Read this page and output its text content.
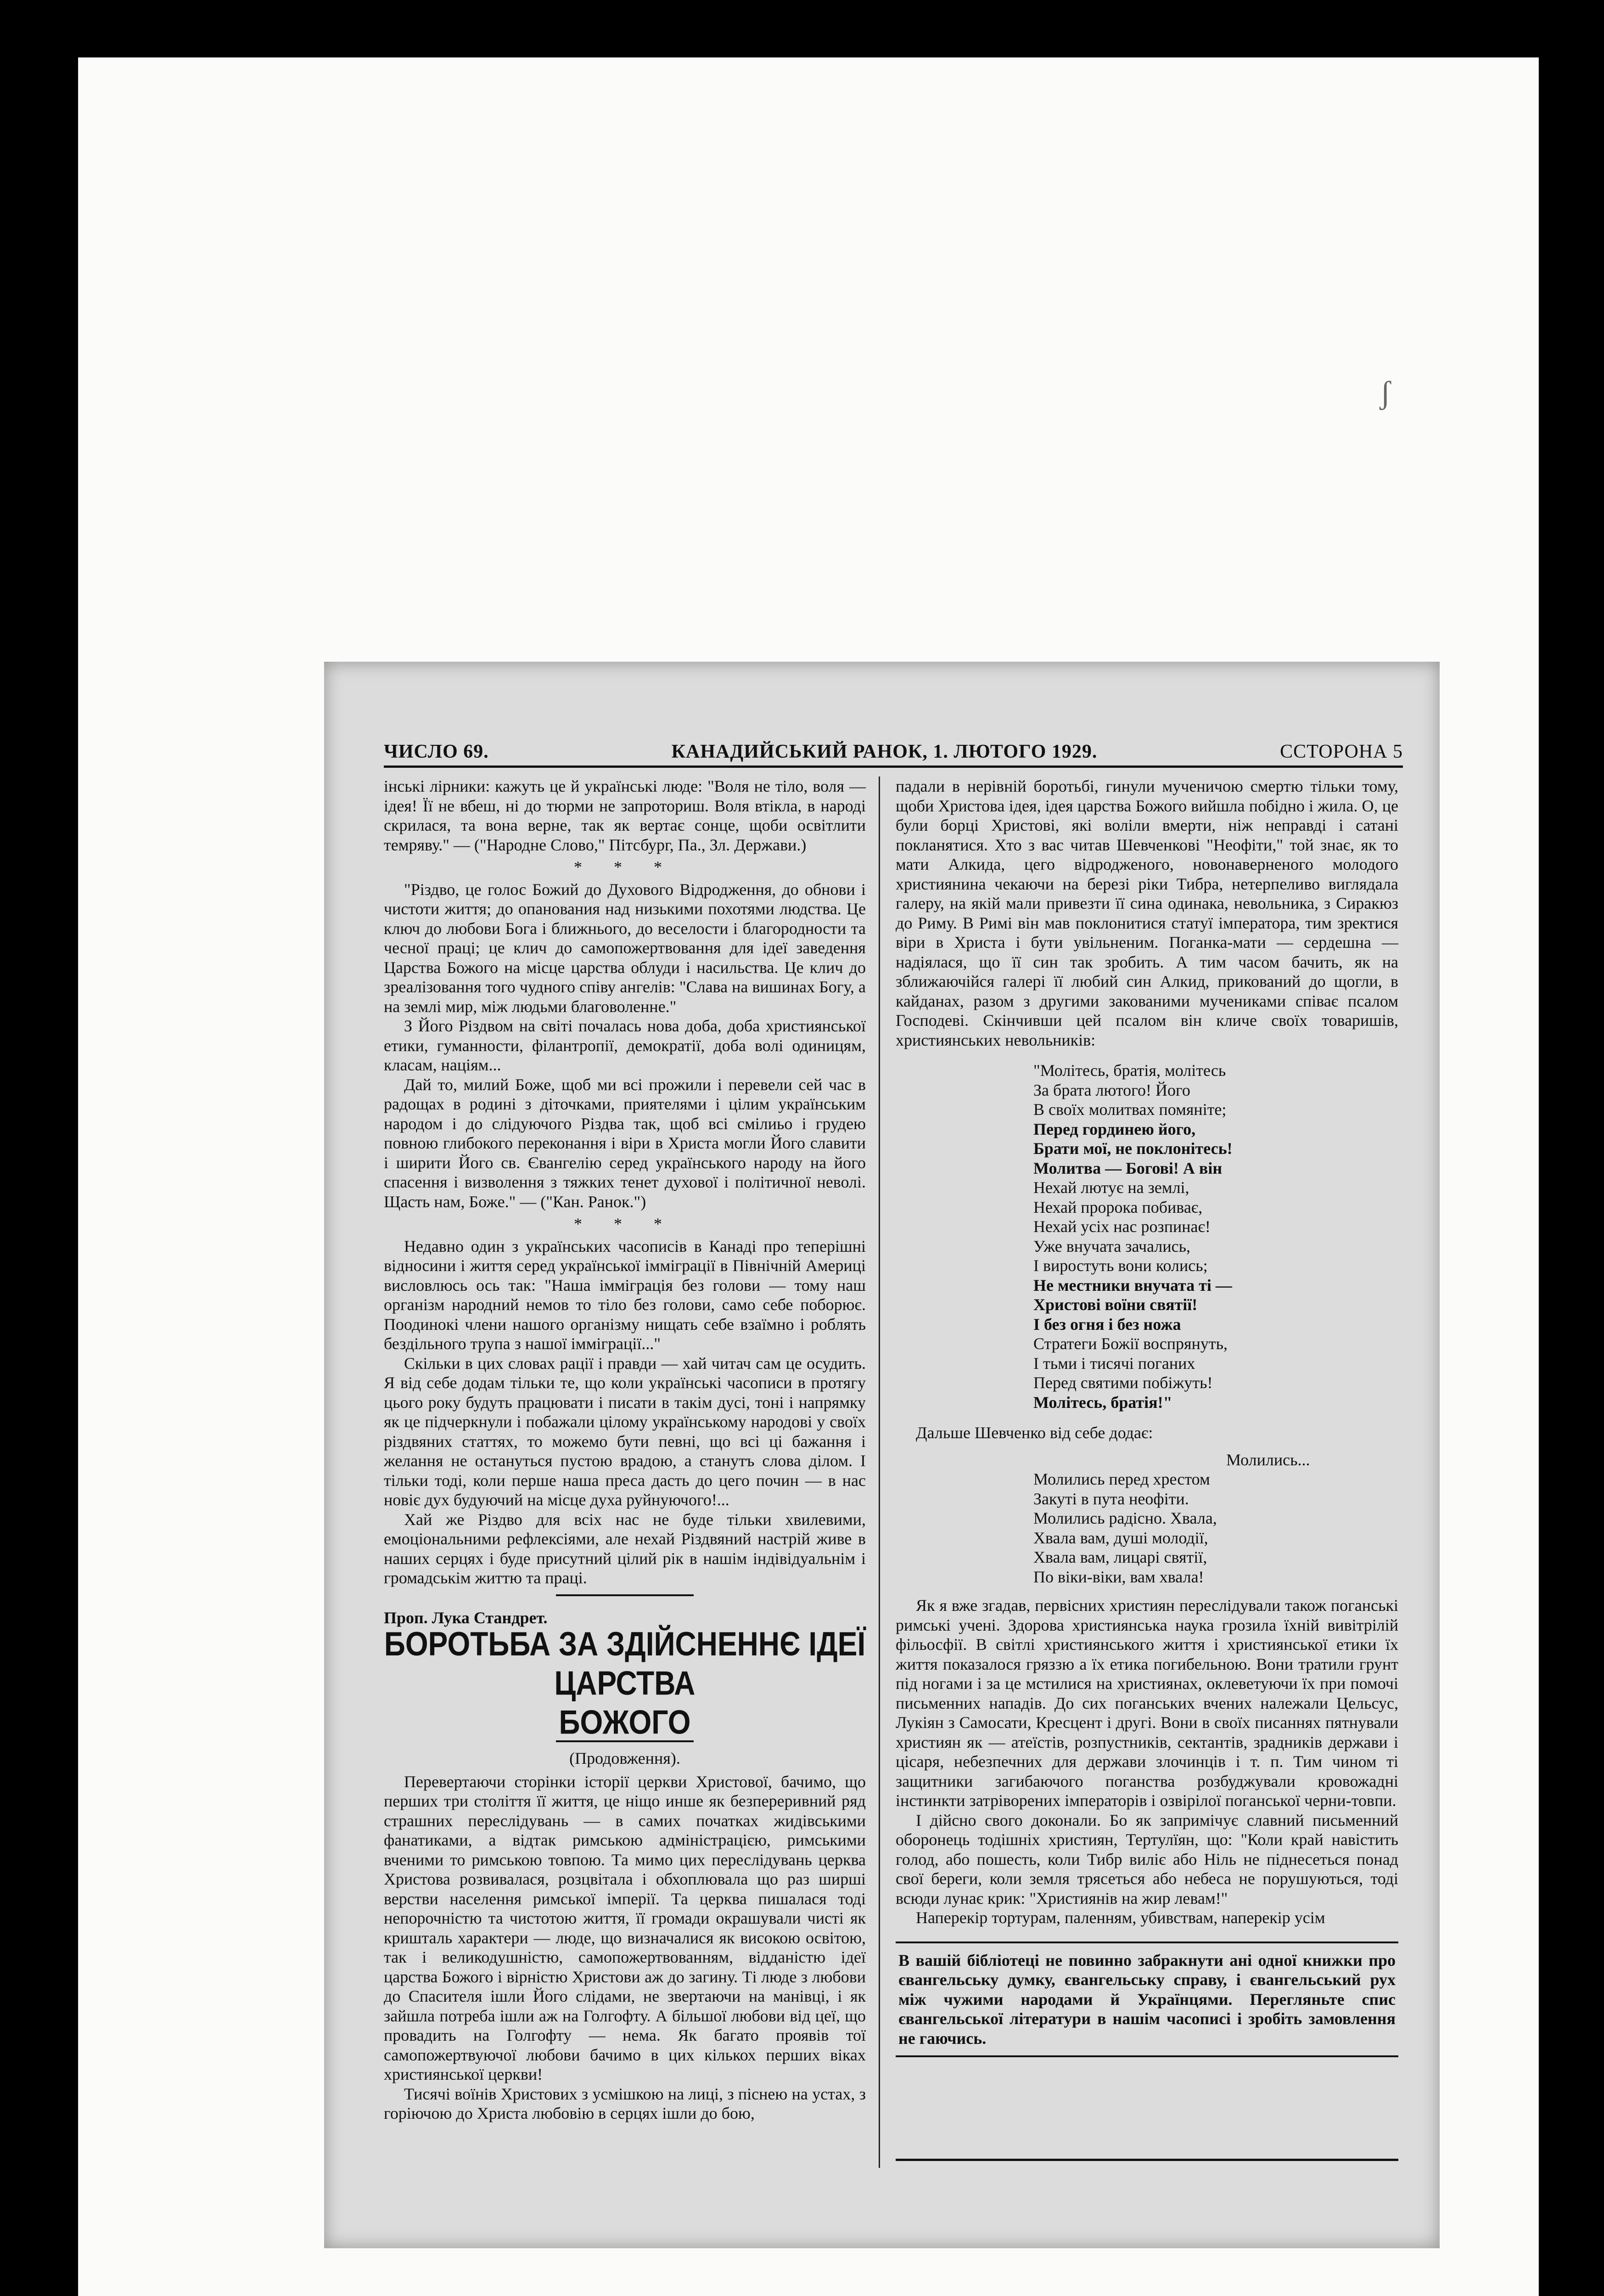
ʃ
ЧИСЛО 69.	КАНАДИЙСЬКИЙ РАНОК, 1. ЛЮТОГО 1929.	ССТОРОНА 5

інські лірники: кажуть це й українські люде: "Воля не тіло, воля — ідея! Її не вбеш, ні до тюрми не запроториш. Воля втікла, в народі скрилася, та вона верне, так як вертає сонце, щоби освітлити темряву." — ("Народне Слово," Пітсбург, Па., Зл. Держави.)

* * *

"Різдво, це голос Божий до Духового Відродження, до обнови і чистоти життя; до опанования над низькими похотями людства. Це ключ до любови Бога і ближнього, до веселости і благородности та чесної праці; це клич до самопожертвовання для ідеї заведення Царства Божого на місце царства облуди і насильства. Це клич до зреалізовання того чудного співу ангелів: "Слава на вишинах Богу, а на землі мир, між людьми благоволенне."

З Його Різдвом на світі почалась нова доба, доба християнської етики, гуманности, філантропії, демократії, доба волі одиницям, класам, націям...

Дай то, милий Боже, щоб ми всі прожили і перевели сей час в радощах в родині з діточками, приятелями і цілим українським народом і до слідуючого Різдва так, щоб всі смілиьо і грудею повною глибокого переконання і віри в Христа могли Його славити і ширити Його св. Євангелію серед українського народу на його спасення і визволення з тяжких тенет духової і політичної неволі. Щасть нам, Боже." — ("Кан. Ранок.")

* * *

Недавно один з українських часописів в Канаді про теперішні відносини і життя серед української імміграції в Північній Америці висловлюсь ось так: "Наша імміграція без голови — тому наш організм народний немов то тіло без голови, само себе поборює. Поодинокі члени нашого організму нищать себе взаїмно і роблять бездільного трупа з нашої імміграції..."

Скільки в цих словах рації і правди — хай читач сам це осудить. Я від себе додам тільки те, що коли українські часописи в протягу цього року будуть працювати і писати в такім дусі, тоні і напрямку як це підчеркнули і побажали цілому українському народові у своїх різдвяних статтях, то можемо бути певні, що всі ці бажання і желання не остануться пустою врадою, а станутъ слова ділом. І тільки тоді, коли перше наша преса дасть до цего почин — в нас новіє дух будуючий на місце духа руйнуючого!...

Хай же Різдво для всіх нас не буде тільки хвилевими, емоціональними рефлексіями, але нехай Різдвяний настрій живе в наших серцях і буде присутний цілий рік в нашім індівідуальнім і громадськім життю та праці.

Проп. Лука Стандрет.
БОРОТЬБА ЗА ЗДІЙСНЕННЄ ІДЕЇ ЦАРСТВА
БОЖОГО
(Продовження).

Перевертаючи сторінки історії церкви Христової, бачимо, що перших три століття її життя, це ніщо инше як безпереривний ряд страшних переслідувань — в самих початках жидівськими фанатиками, а відтак римською адміністрацією, римськими вченими то римською товпою. Та мимо цих переслідувань церква Христова розвивалася, розцвітала і обхоплювала що раз ширші верстви населення римської імперії. Та церква пишалася тоді непорочністю та чистотою життя, її громади окрашували чисті як кришталь характери — люде, що визначалися як високою освітою, так і великодушністю, самопожертвованням, відданістю ідеї царства Божого і вірністю Христови аж до загину. Ті люде з любови до Спасителя ішли Його слідами, не звертаючи на манівці, і як зайшла потреба ішли аж на Голгофту. А більшої любови від цеї, що провадить на Голгофту — нема. Як багато проявів тої самопожертвуючої любови бачимо в цих кількох перших віках християнської церкви!

Тисячі воїнів Христових з усмішкою на лиці, з піснею на устах, з горіючою до Христа любовію в серцях ішли до бою,

падали в нерівній боротьбі, гинули мученичою смертю тільки тому, щоби Христова ідея, ідея царства Божого вийшла побідно і жила. О, це були борці Христові, які воліли вмерти, ніж неправді і сатані покланятися. Хто з вас читав Шевченкові "Неофіти," той знає, як то мати Алкида, цего відродженого, новонаверненого молодого християнина чекаючи на березі ріки Тибра, нетерпеливо виглядала галеру, на якій мали привезти її сина одинака, невольника, з Сиракюз до Риму. В Римі він мав поклонитися статуї імператора, тим зректися віри в Христа і бути увільненим. Поганка-мати — сердешна — надіялася, що її син так зробить. А тим часом бачить, як на зближаючійся галері її любий син Алкид, прикований до щогли, в кайданах, разом з другими закованими мучениками співає псалом Господеві. Скінчивши цей псалом він кличе своїх товаришів, християнських невольників:

"Молітесь, братія, молітесь
За брата лютого! Його
В своїх молитвах помяніте;
Перед гординею його,
Брати мої, не поклонітесь!
Молитва — Богові! А він
Нехай лютує на землі,
Нехай пророка побиває,
Нехай усіх нас розпинає!
Уже внучата зачались,
І виростуть вони колись;
Не местники внучата ті —
Христові воїни святії!
І без огня і без ножа
Стратеги Божії воспрянуть,
І тьми і тисячі поганих
Перед святими побіжуть!
Молітесь, братія!"

Дальше Шевченко від себе додає:

Молились...
Молились перед хрестом
Закуті в пута неофіти.
Молились радісно. Хвала,
Хвала вам, душі молодії,
Хвала вам, лицарі святії,
По віки-віки, вам хвала!

Як я вже згадав, первісних християн переслідували також поганські римські учені. Здорова християнська наука грозила їхній вивітрілій фільосфії. В світлі християнського життя і християнської етики їх життя показалося гряззю а їх етика погибельною. Вони тратили грунт під ногами і за це мстилися на християнах, оклеветуючи їх при помочі письменних нападів. До сих поганських вчених належали Цельсус, Лукіян з Самосати, Кресцент і другі. Вони в своїх писаннях пятнували християн як — атеїстів, розпустників, сектантів, зрадників держави і цісаря, небезпечних для держави злочинців і т. п. Тим чином ті защитники загибаючого поганства розбуджували кровожадні інстинкти затріворених імператорів і озвірілої поганської черни-товпи.

І дійсно свого доконали. Бо як запримічує славний письменний оборонець тодішніх християн, Тертулїян, що: "Коли край навістить голод, або пошесть, коли Тибр виліє або Ніль не піднесеться понад свої береги, коли земля трясеться або небеса не порушуються, тоді всюди лунає крик: "Християнів на жир левам!"

Наперекір тортурам, паленням, убивствам, наперекір усім

В вашій бібліотеці не повинно забракнути ані одної книжки про євангельську думку, євангельську справу, і євангельський рух між чужими народами й Українцями. Перегляньте спис євангельської літератури в нашім часописі і зробіть замовлення не гаючись.
